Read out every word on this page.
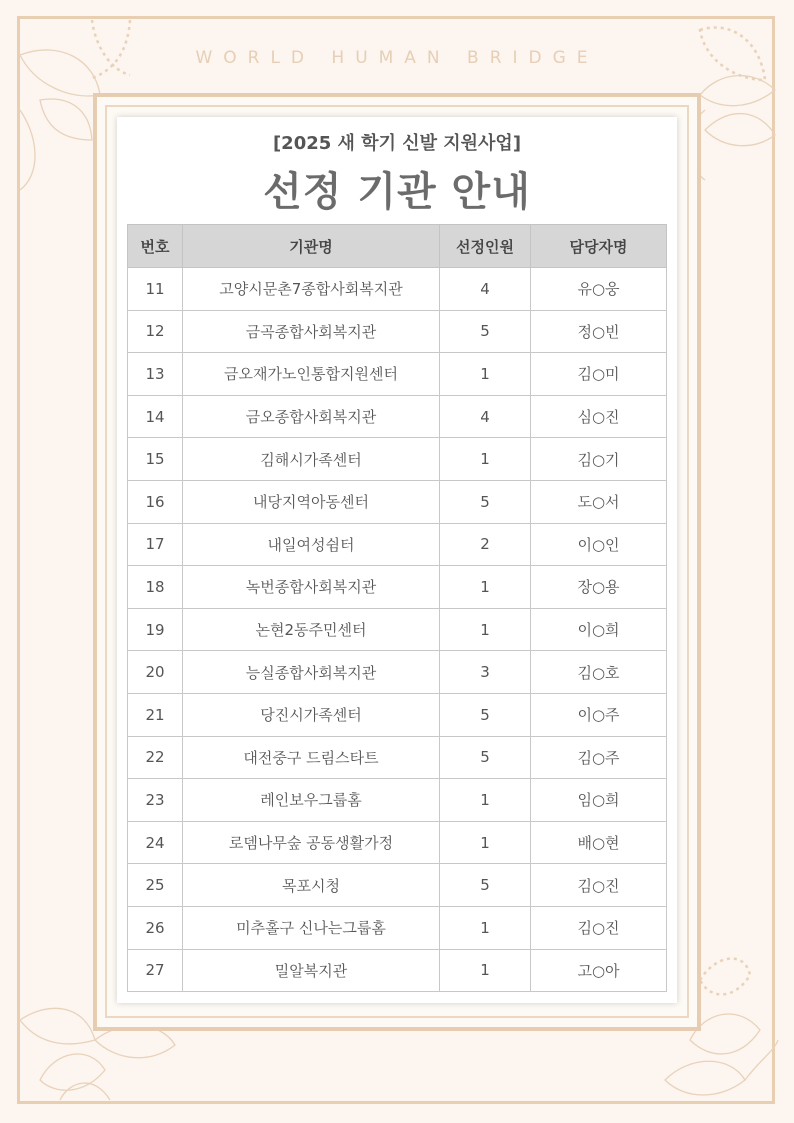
WORLD HUMAN BRIDGE
[2025 새 학기 신발 지원사업]
선정 기관 안내
번호	기관명	선정인원	담당자명
11	고양시문촌7종합사회복지관	4	유○웅
12	금곡종합사회복지관	5	정○빈
13	금오재가노인통합지원센터	1	김○미
14	금오종합사회복지관	4	심○진
15	김해시가족센터	1	김○기
16	내당지역아동센터	5	도○서
17	내일여성쉼터	2	이○인
18	녹번종합사회복지관	1	장○용
19	논현2동주민센터	1	이○희
20	능실종합사회복지관	3	김○호
21	당진시가족센터	5	이○주
22	대전중구 드림스타트	5	김○주
23	레인보우그룹홈	1	임○희
24	로뎀나무숲 공동생활가정	1	배○현
25	목포시청	5	김○진
26	미추홀구 신나는그룹홈	1	김○진
27	밀알복지관	1	고○아
